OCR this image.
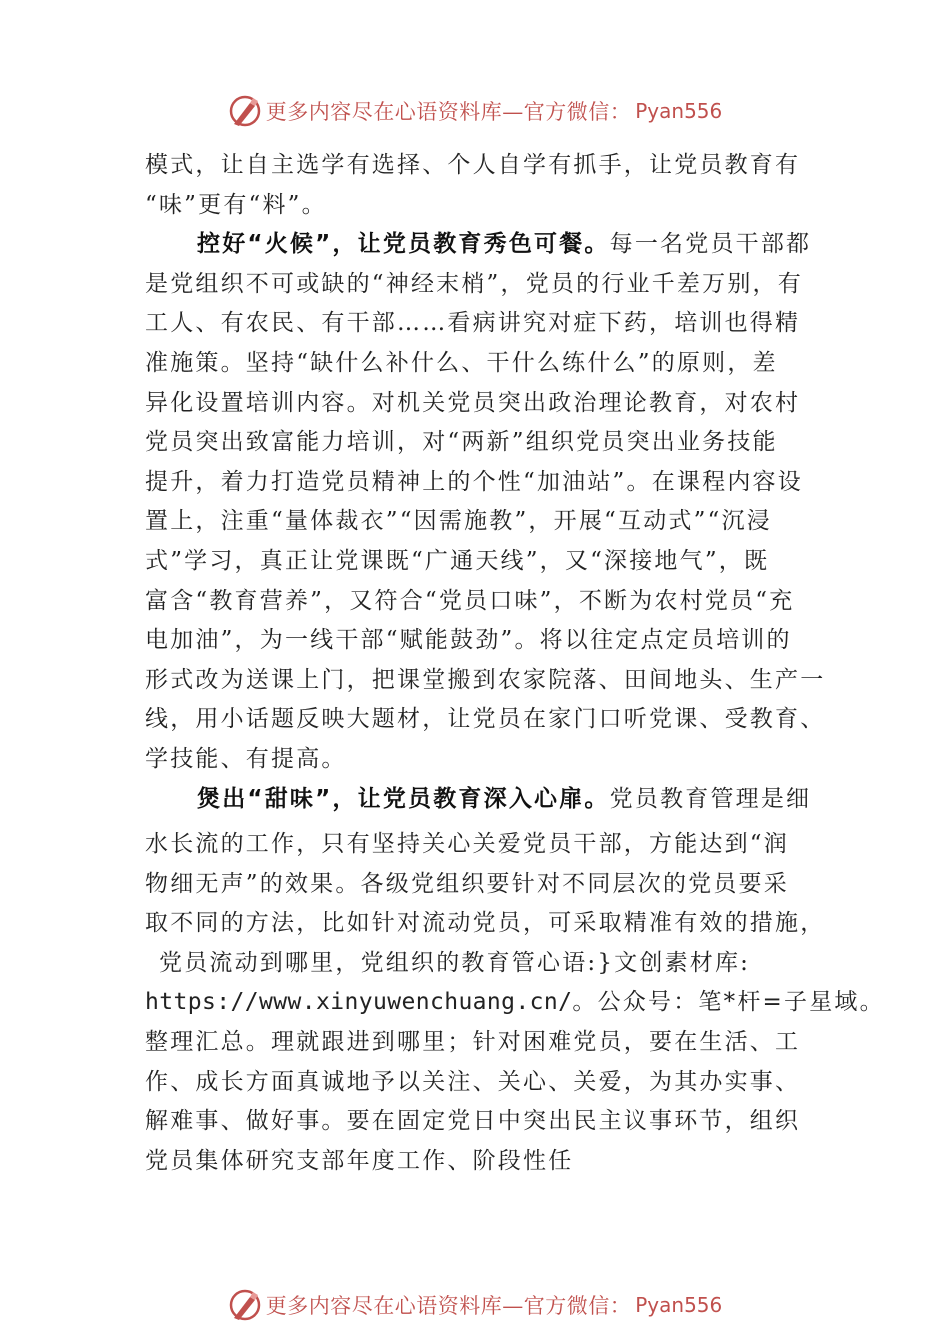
更多内容尽在心语资料库—官方微信： Pyan556
模式，让自主选学有选择、个人自学有抓手，让党员教育有
“味”更有“料”。
控好“火候”，让党员教育秀色可餐。每一名党员干部都
是党组织不可或缺的“神经末梢”，党员的行业千差万别，有
工人、有农民、有干部……看病讲究对症下药，培训也得精
准施策。坚持“缺什么补什么、干什么练什么”的原则，差
异化设置培训内容。对机关党员突出政治理论教育，对农村
党员突出致富能力培训，对“两新”组织党员突出业务技能
提升，着力打造党员精神上的个性“加油站”。在课程内容设
置上，注重“量体裁衣”“因需施教”，开展“互动式”“沉浸
式”学习，真正让党课既“广通天线”，又“深接地气”，既
富含“教育营养”，又符合“党员口味”，不断为农村党员“充
电加油”，为一线干部“赋能鼓劲”。将以往定点定员培训的
形式改为送课上门，把课堂搬到农家院落、田间地头、生产一
线，用小话题反映大题材，让党员在家门口听党课、受教育、
学技能、有提高。
煲出“甜味”，让党员教育深入心扉。党员教育管理是细
水长流的工作，只有坚持关心关爱党员干部，方能达到“润
物细无声”的效果。各级党组织要针对不同层次的党员要采
取不同的方法，比如针对流动党员，可采取精准有效的措施，
党员流动到哪里，党组织的教育管心语:}文创素材库:
https://www.xinyuwenchuang.cn/。公众号：笔*杆=子星域。
整理汇总。理就跟进到哪里；针对困难党员，要在生活、工
作、成长方面真诚地予以关注、关心、关爱，为其办实事、
解难事、做好事。要在固定党日中突出民主议事环节，组织
党员集体研究支部年度工作、阶段性任
更多内容尽在心语资料库—官方微信： Pyan556
